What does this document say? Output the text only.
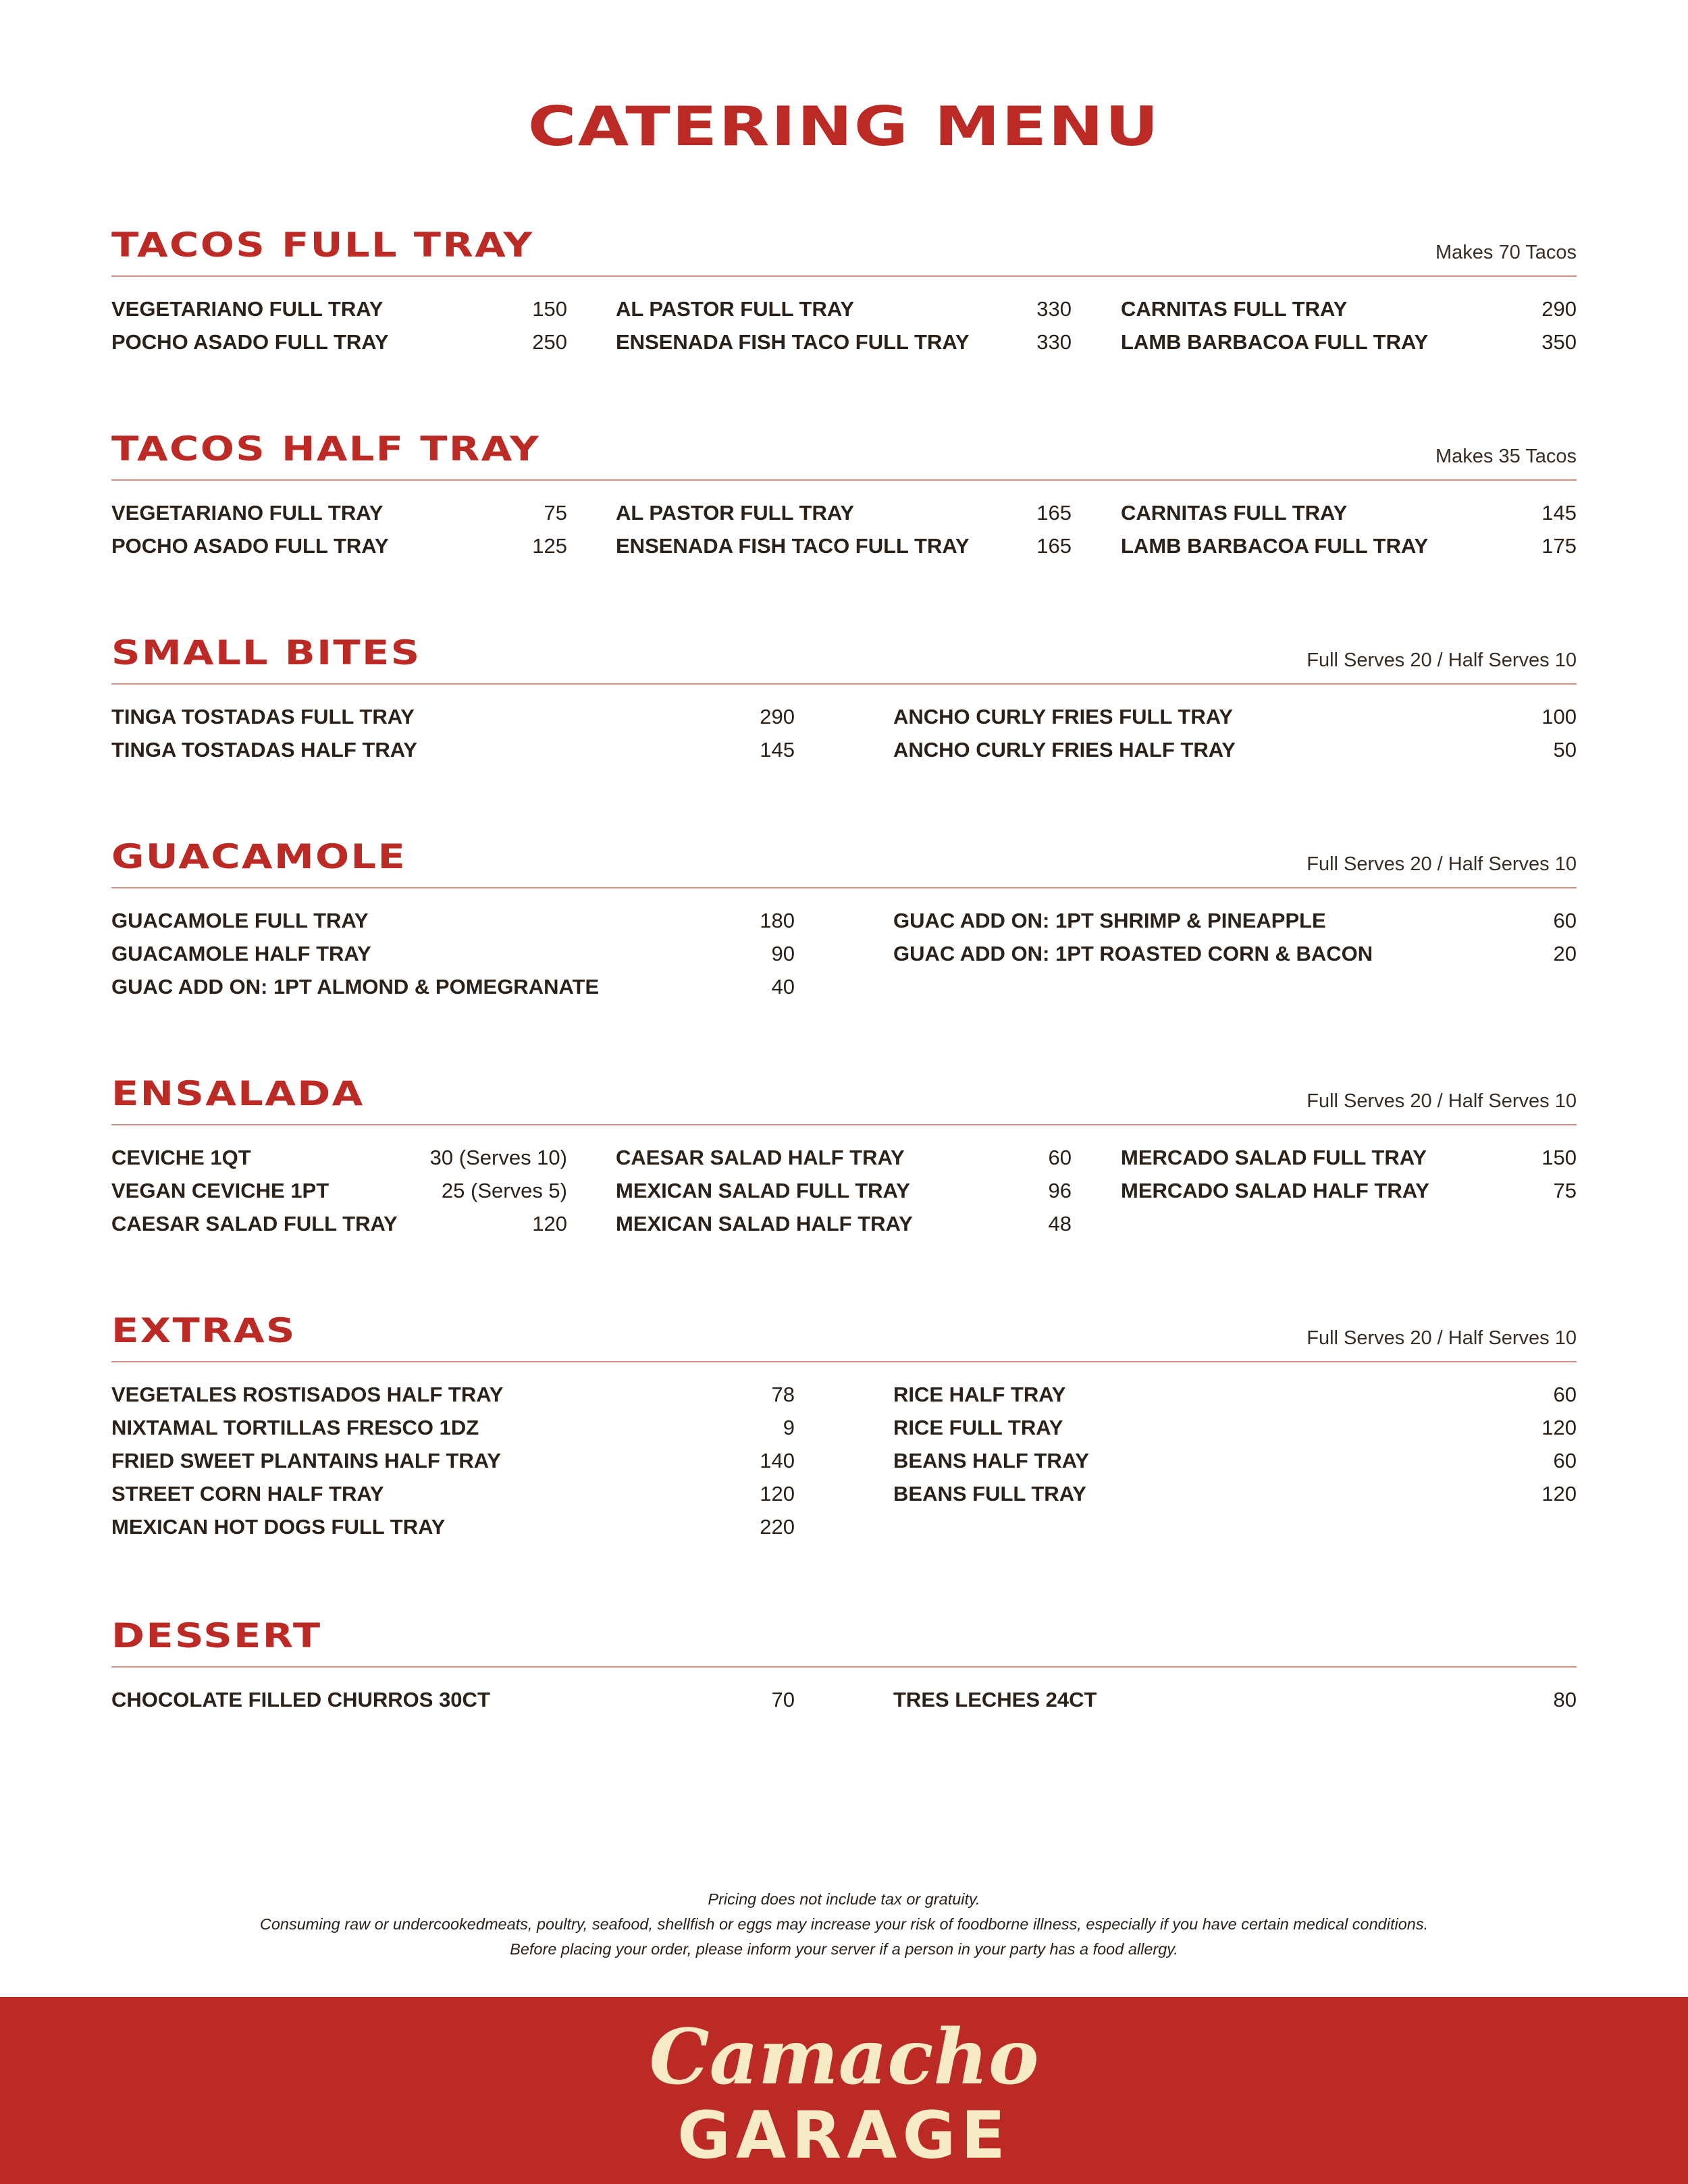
CATERING MENU
TACOS FULL TRAY	Makes 70 Tacos
VEGETARIANO FULL TRAY	150
POCHO ASADO FULL TRAY	250
AL PASTOR FULL TRAY	330
ENSENADA FISH TACO FULL TRAY	330
CARNITAS FULL TRAY	290
LAMB BARBACOA FULL TRAY	350
TACOS HALF TRAY	Makes 35 Tacos
VEGETARIANO FULL TRAY	75
POCHO ASADO FULL TRAY	125
AL PASTOR FULL TRAY	165
ENSENADA FISH TACO FULL TRAY	165
CARNITAS FULL TRAY	145
LAMB BARBACOA FULL TRAY	175
SMALL BITES	Full Serves 20 / Half Serves 10
TINGA TOSTADAS FULL TRAY	290
TINGA TOSTADAS HALF TRAY	145
ANCHO CURLY FRIES FULL TRAY	100
ANCHO CURLY FRIES HALF TRAY	50
GUACAMOLE	Full Serves 20 / Half Serves 10
GUACAMOLE FULL TRAY	180
GUACAMOLE HALF TRAY	90
GUAC ADD ON: 1PT ALMOND & POMEGRANATE	40
GUAC ADD ON: 1PT SHRIMP & PINEAPPLE	60
GUAC ADD ON: 1PT ROASTED CORN & BACON	20
ENSALADA	Full Serves 20 / Half Serves 10
CEVICHE 1QT	30 (Serves 10)
VEGAN CEVICHE 1PT	25 (Serves 5)
CAESAR SALAD FULL TRAY	120
CAESAR SALAD HALF TRAY	60
MEXICAN SALAD FULL TRAY	96
MEXICAN SALAD HALF TRAY	48
MERCADO SALAD FULL TRAY	150
MERCADO SALAD HALF TRAY	75
EXTRAS	Full Serves 20 / Half Serves 10
VEGETALES ROSTISADOS HALF TRAY	78
NIXTAMAL TORTILLAS FRESCO 1DZ	9
FRIED SWEET PLANTAINS HALF TRAY	140
STREET CORN HALF TRAY	120
MEXICAN HOT DOGS FULL TRAY	220
RICE HALF TRAY	60
RICE FULL TRAY	120
BEANS HALF TRAY	60
BEANS FULL TRAY	120
DESSERT
CHOCOLATE FILLED CHURROS 30CT	70	TRES LECHES 24CT	80
Pricing does not include tax or gratuity.
Consuming raw or undercookedmeats, poultry, seafood, shellfish or eggs may increase your risk of foodborne illness, especially if you have certain medical conditions.
Before placing your order, please inform your server if a person in your party has a food allergy.
Camacho
GARAGE
